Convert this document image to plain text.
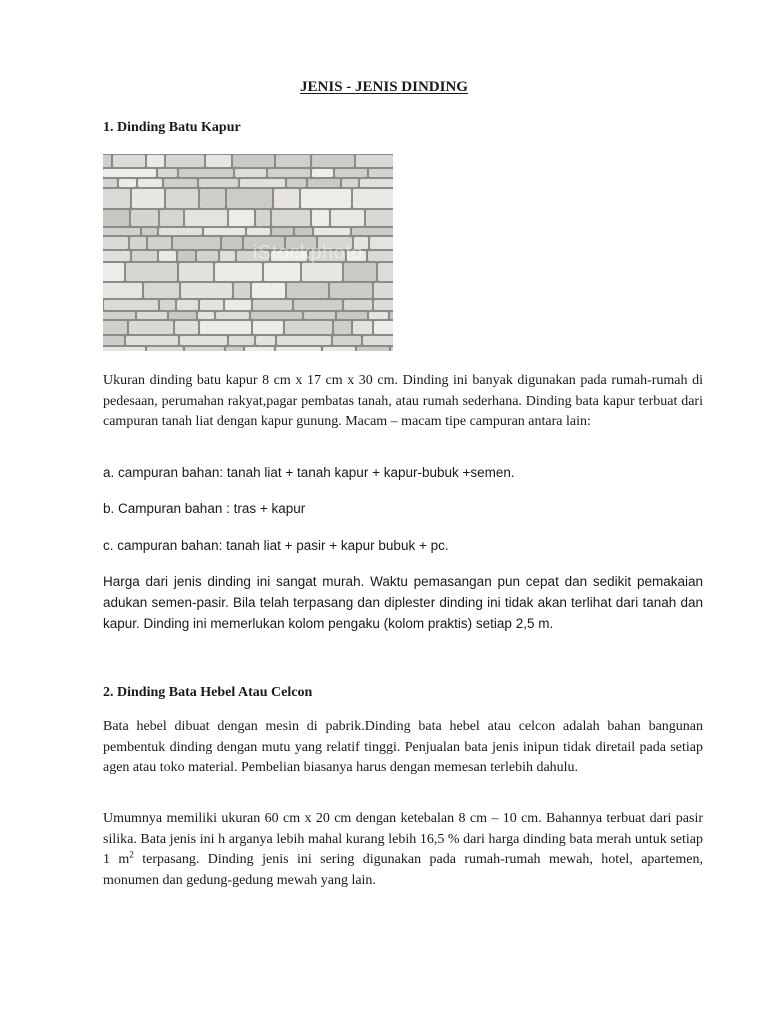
JENIS - JENIS DINDING
1. Dinding Batu Kapur
iStockphoto
Ukuran dinding batu kapur 8 cm x 17 cm x 30 cm. Dinding ini banyak digunakan pada rumah-rumah di pedesaan, perumahan rakyat,pagar pembatas tanah, atau rumah sederhana. Dinding bata kapur terbuat dari campuran tanah liat dengan kapur gunung. Macam – macam tipe campuran antara lain:
a. campuran bahan: tanah liat + tanah kapur + kapur-bubuk +semen.
b. Campuran bahan : tras + kapur
c. campuran bahan: tanah liat + pasir + kapur bubuk + pc.
Harga dari jenis dinding ini sangat murah. Waktu pemasangan pun cepat dan sedikit pemakaian adukan semen-pasir. Bila telah terpasang dan diplester dinding ini tidak akan terlihat dari tanah dan kapur. Dinding ini memerlukan kolom pengaku (kolom praktis) setiap 2,5 m.
2. Dinding Bata Hebel Atau Celcon
Bata hebel dibuat dengan mesin di pabrik.Dinding bata hebel atau celcon adalah bahan bangunan pembentuk dinding dengan mutu yang relatif tinggi. Penjualan bata jenis inipun tidak diretail pada setiap agen atau toko material. Pembelian biasanya harus dengan memesan terlebih dahulu.
Umumnya memiliki ukuran 60 cm x 20 cm dengan ketebalan 8 cm – 10 cm. Bahannya terbuat dari pasir silika. Bata jenis ini h arganya lebih mahal kurang lebih 16,5 % dari harga dinding bata merah untuk setiap 1 $m^2$ terpasang. Dinding jenis ini sering digunakan pada rumah-rumah mewah, hotel, apartemen, monumen dan gedung-gedung mewah yang lain.
